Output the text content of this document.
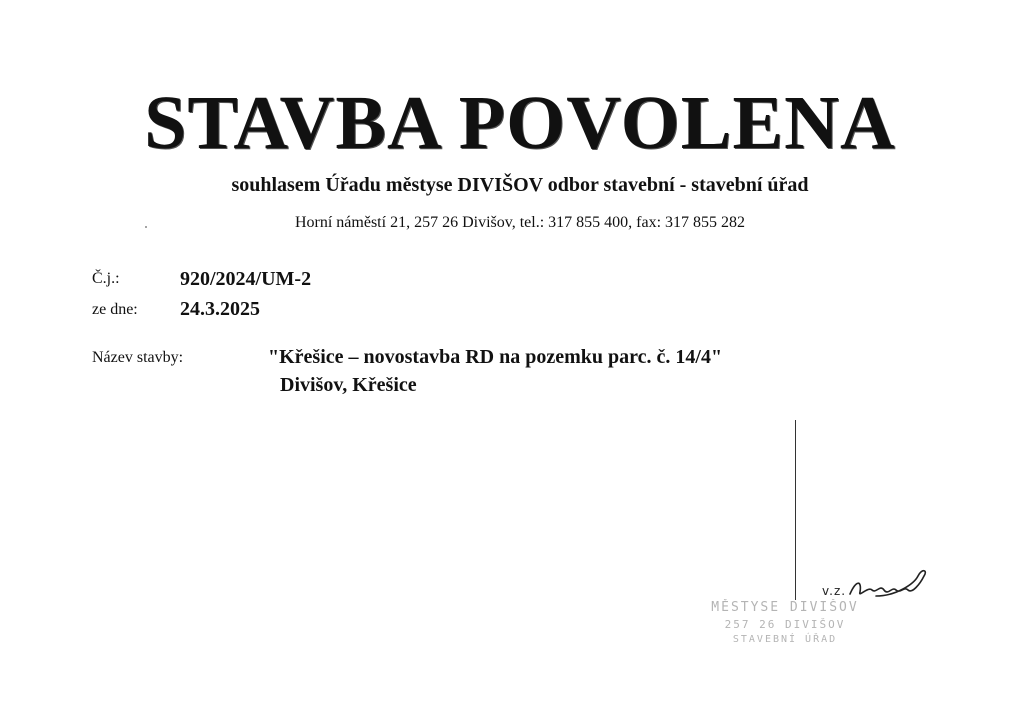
STAVBA POVOLENA
souhlasem Úřadu městyse DIVIŠOV odbor stavební - stavební úřad
Horní náměstí 21, 257 26 Divišov, tel.: 317 855 400, fax: 317 855 282
Č.j.:	920/2024/UM-2
ze dne: 24.3.2025
Název stavby:	"Křešice – novostavba RD na pozemku parc. č. 14/4"
Divišov, Křešice
v.z.
MĚSTYSE DIVIŠOV
257 26 DIVIŠOV
STAVEBNÍ ÚŘAD
